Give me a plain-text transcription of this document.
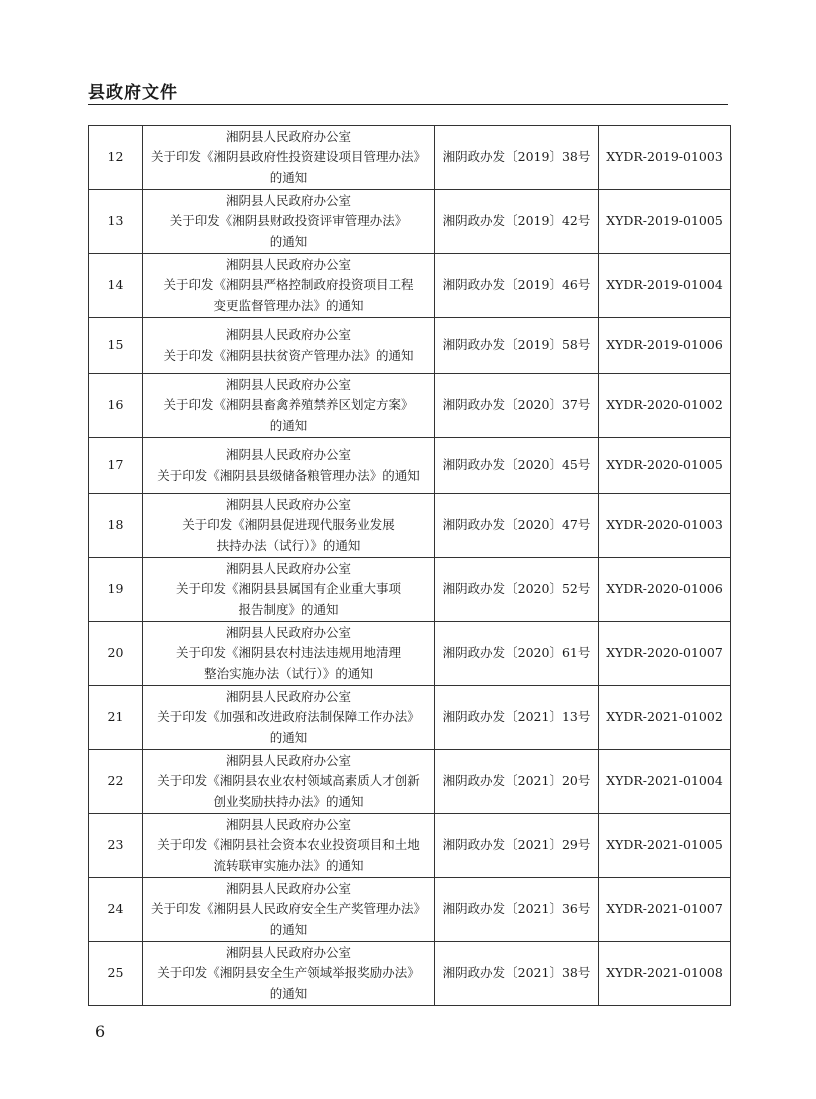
县政府文件
12	湘阴县人民政府办公室
关于印发《湘阴县政府性投资建设项目管理办法》
的通知	湘阴政办发〔2019〕38号	XYDR-2019-01003
13	湘阴县人民政府办公室
关于印发《湘阴县财政投资评审管理办法》
的通知	湘阴政办发〔2019〕42号	XYDR-2019-01005
14	湘阴县人民政府办公室
关于印发《湘阴县严格控制政府投资项目工程
变更监督管理办法》的通知	湘阴政办发〔2019〕46号	XYDR-2019-01004
15	湘阴县人民政府办公室
关于印发《湘阴县扶贫资产管理办法》的通知	湘阴政办发〔2019〕58号	XYDR-2019-01006
16	湘阴县人民政府办公室
关于印发《湘阴县畜禽养殖禁养区划定方案》
的通知	湘阴政办发〔2020〕37号	XYDR-2020-01002
17	湘阴县人民政府办公室
关于印发《湘阴县县级储备粮管理办法》的通知	湘阴政办发〔2020〕45号	XYDR-2020-01005
18	湘阴县人民政府办公室
关于印发《湘阴县促进现代服务业发展
扶持办法（试行）》的通知	湘阴政办发〔2020〕47号	XYDR-2020-01003
19	湘阴县人民政府办公室
关于印发《湘阴县县属国有企业重大事项
报告制度》的通知	湘阴政办发〔2020〕52号	XYDR-2020-01006
20	湘阴县人民政府办公室
关于印发《湘阴县农村违法违规用地清理
整治实施办法（试行）》的通知	湘阴政办发〔2020〕61号	XYDR-2020-01007
21	湘阴县人民政府办公室
关于印发《加强和改进政府法制保障工作办法》
的通知	湘阴政办发〔2021〕13号	XYDR-2021-01002
22	湘阴县人民政府办公室
关于印发《湘阴县农业农村领域高素质人才创新
创业奖励扶持办法》的通知	湘阴政办发〔2021〕20号	XYDR-2021-01004
23	湘阴县人民政府办公室
关于印发《湘阴县社会资本农业投资项目和土地
流转联审实施办法》的通知	湘阴政办发〔2021〕29号	XYDR-2021-01005
24	湘阴县人民政府办公室
关于印发《湘阴县人民政府安全生产奖管理办法》
的通知	湘阴政办发〔2021〕36号	XYDR-2021-01007
25	湘阴县人民政府办公室
关于印发《湘阴县安全生产领域举报奖励办法》
的通知	湘阴政办发〔2021〕38号	XYDR-2021-01008
6
